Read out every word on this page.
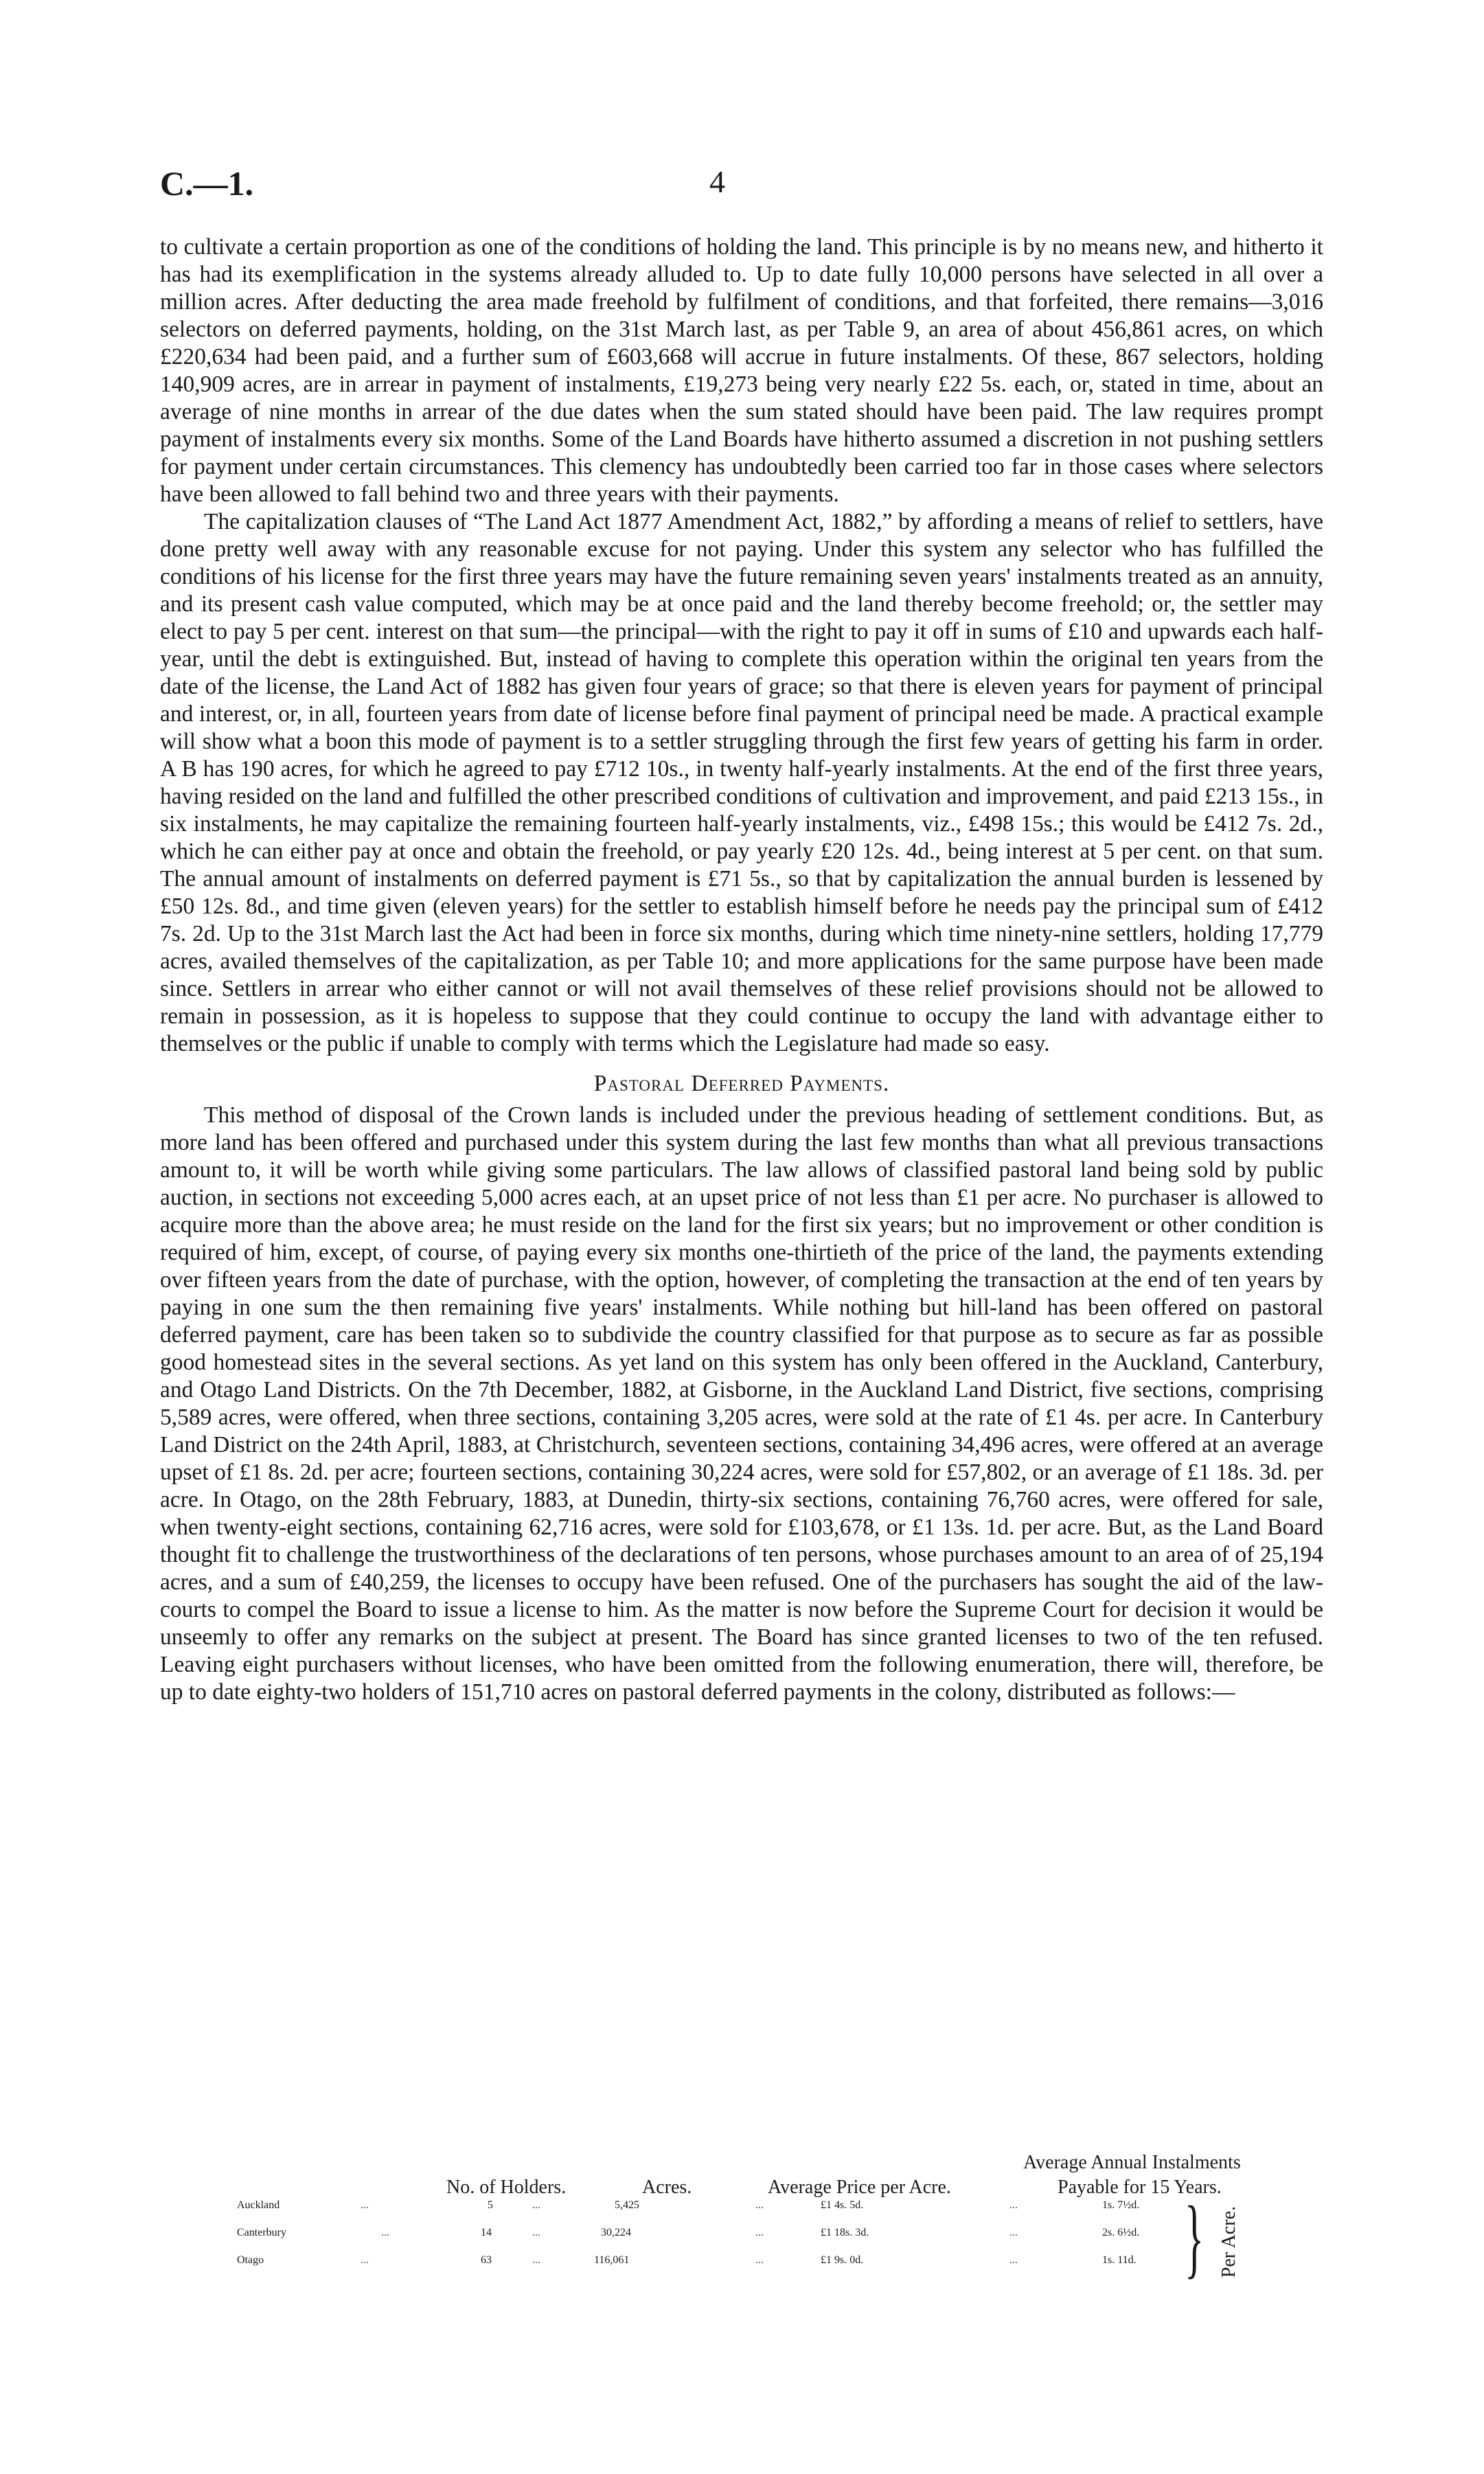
C.—1.	4

to cultivate a certain proportion as one of the conditions of holding the land. This principle is by no means new, and hitherto it has had its exemplification in the systems already alluded to. Up to date fully 10,000 persons have selected in all over a million acres. After deducting the area made freehold by fulfilment of conditions, and that forfeited, there remains—3,016 selectors on deferred payments, holding, on the 31st March last, as per Table 9, an area of about 456,861 acres, on which £220,634 had been paid, and a further sum of £603,668 will accrue in future instalments. Of these, 867 selectors, holding 140,909 acres, are in arrear in payment of instalments, £19,273 being very nearly £22 5s. each, or, stated in time, about an average of nine months in arrear of the due dates when the sum stated should have been paid. The law requires prompt payment of instalments every six months. Some of the Land Boards have hitherto assumed a discretion in not pushing settlers for payment under certain circumstances. This clemency has undoubtedly been carried too far in those cases where selectors have been allowed to fall behind two and three years with their payments.

The capitalization clauses of “The Land Act 1877 Amendment Act, 1882,” by affording a means of relief to settlers, have done pretty well away with any reasonable excuse for not paying. Under this system any selector who has fulfilled the conditions of his license for the first three years may have the future remaining seven years' instalments treated as an annuity, and its present cash value computed, which may be at once paid and the land thereby become freehold; or, the settler may elect to pay 5 per cent. interest on that sum—the principal—with the right to pay it off in sums of £10 and upwards each half-year, until the debt is extinguished. But, instead of having to complete this operation within the original ten years from the date of the license, the Land Act of 1882 has given four years of grace; so that there is eleven years for payment of principal and interest, or, in all, fourteen years from date of license before final payment of principal need be made. A practical example will show what a boon this mode of payment is to a settler struggling through the first few years of getting his farm in order. A B has 190 acres, for which he agreed to pay £712 10s., in twenty half-yearly instalments. At the end of the first three years, having resided on the land and fulfilled the other prescribed conditions of cultivation and improvement, and paid £213 15s., in six instalments, he may capitalize the remaining fourteen half-yearly instalments, viz., £498 15s.; this would be £412 7s. 2d., which he can either pay at once and obtain the freehold, or pay yearly £20 12s. 4d., being interest at 5 per cent. on that sum. The annual amount of instalments on deferred payment is £71 5s., so that by capitalization the annual burden is lessened by £50 12s. 8d., and time given (eleven years) for the settler to establish himself before he needs pay the principal sum of £412 7s. 2d. Up to the 31st March last the Act had been in force six months, during which time ninety-nine settlers, holding 17,779 acres, availed themselves of the capitalization, as per Table 10; and more applications for the same purpose have been made since. Settlers in arrear who either cannot or will not avail themselves of these relief provisions should not be allowed to remain in possession, as it is hopeless to suppose that they could continue to occupy the land with advantage either to themselves or the public if unable to comply with terms which the Legislature had made so easy.

Pastoral Deferred Payments.

This method of disposal of the Crown lands is included under the previous heading of settlement conditions. But, as more land has been offered and purchased under this system during the last few months than what all previous transactions amount to, it will be worth while giving some particulars. The law allows of classified pastoral land being sold by public auction, in sections not exceeding 5,000 acres each, at an upset price of not less than £1 per acre. No purchaser is allowed to acquire more than the above area; he must reside on the land for the first six years; but no improvement or other condition is required of him, except, of course, of paying every six months one-thirtieth of the price of the land, the payments extending over fifteen years from the date of purchase, with the option, however, of completing the transaction at the end of ten years by paying in one sum the then remaining five years' instalments. While nothing but hill-land has been offered on pastoral deferred payment, care has been taken so to subdivide the country classified for that purpose as to secure as far as possible good homestead sites in the several sections. As yet land on this system has only been offered in the Auckland, Canterbury, and Otago Land Districts. On the 7th December, 1882, at Gisborne, in the Auckland Land District, five sections, comprising 5,589 acres, were offered, when three sections, containing 3,205 acres, were sold at the rate of £1 4s. per acre. In Canterbury Land District on the 24th April, 1883, at Christchurch, seventeen sections, containing 34,496 acres, were offered at an average upset of £1 8s. 2d. per acre; fourteen sections, containing 30,224 acres, were sold for £57,802, or an average of £1 18s. 3d. per acre. In Otago, on the 28th February, 1883, at Dunedin, thirty-six sections, containing 76,760 acres, were offered for sale, when twenty-eight sections, containing 62,716 acres, were sold for £103,678, or £1 13s. 1d. per acre. But, as the Land Board thought fit to challenge the trustworthiness of the declarations of ten persons, whose purchases amount to an area of of 25,194 acres, and a sum of £40,259, the licenses to occupy have been refused. One of the purchasers has sought the aid of the law-courts to compel the Board to issue a license to him. As the matter is now before the Supreme Court for decision it would be unseemly to offer any remarks on the subject at present. The Board has since granted licenses to two of the ten refused. Leaving eight purchasers without licenses, who have been omitted from the following enumeration, there will, therefore, be up to date eighty-two holders of 151,710 acres on pastoral deferred payments in the colony, distributed as follows:—

No. of Holders.	Acres.	Average Price per Acre.
Average Annual Instalments
Payable for 15 Years.
Auckland	...	5	...	5,425	...	£1 4s. 5d.	...	1s. 7½d.
Canterbury	...	14	...	30,224	...	£1 18s. 3d.	...	2s. 6½d.
Otago	...	63	...	116,061	...	£1 9s. 0d.	...	1s. 11d. } Per Acre.
